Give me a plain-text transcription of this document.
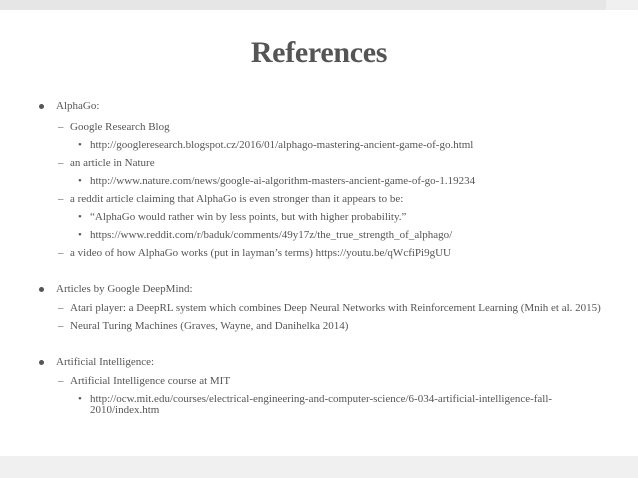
References
AlphaGo:
– Google Research Blog
• http://googleresearch.blogspot.cz/2016/01/alphago-mastering-ancient-game-of-go.html
– an article in Nature
• http://www.nature.com/news/google-ai-algorithm-masters-ancient-game-of-go-1.19234
– a reddit article claiming that AlphaGo is even stronger than it appears to be:
• “AlphaGo would rather win by less points, but with higher probability.”
• https://www.reddit.com/r/baduk/comments/49y17z/the_true_strength_of_alphago/
– a video of how AlphaGo works (put in layman’s terms) https://youtu.be/qWcfiPi9gUU
Articles by Google DeepMind:
– Atari player: a DeepRL system which combines Deep Neural Networks with Reinforcement Learning (Mnih et al. 2015)
– Neural Turing Machines (Graves, Wayne, and Danihelka 2014)
Artificial Intelligence:
– Artificial Intelligence course at MIT
• http://ocw.mit.edu/courses/electrical-engineering-and-computer-science/6-034-artificial-intelligence-fall-
2010/index.htm
